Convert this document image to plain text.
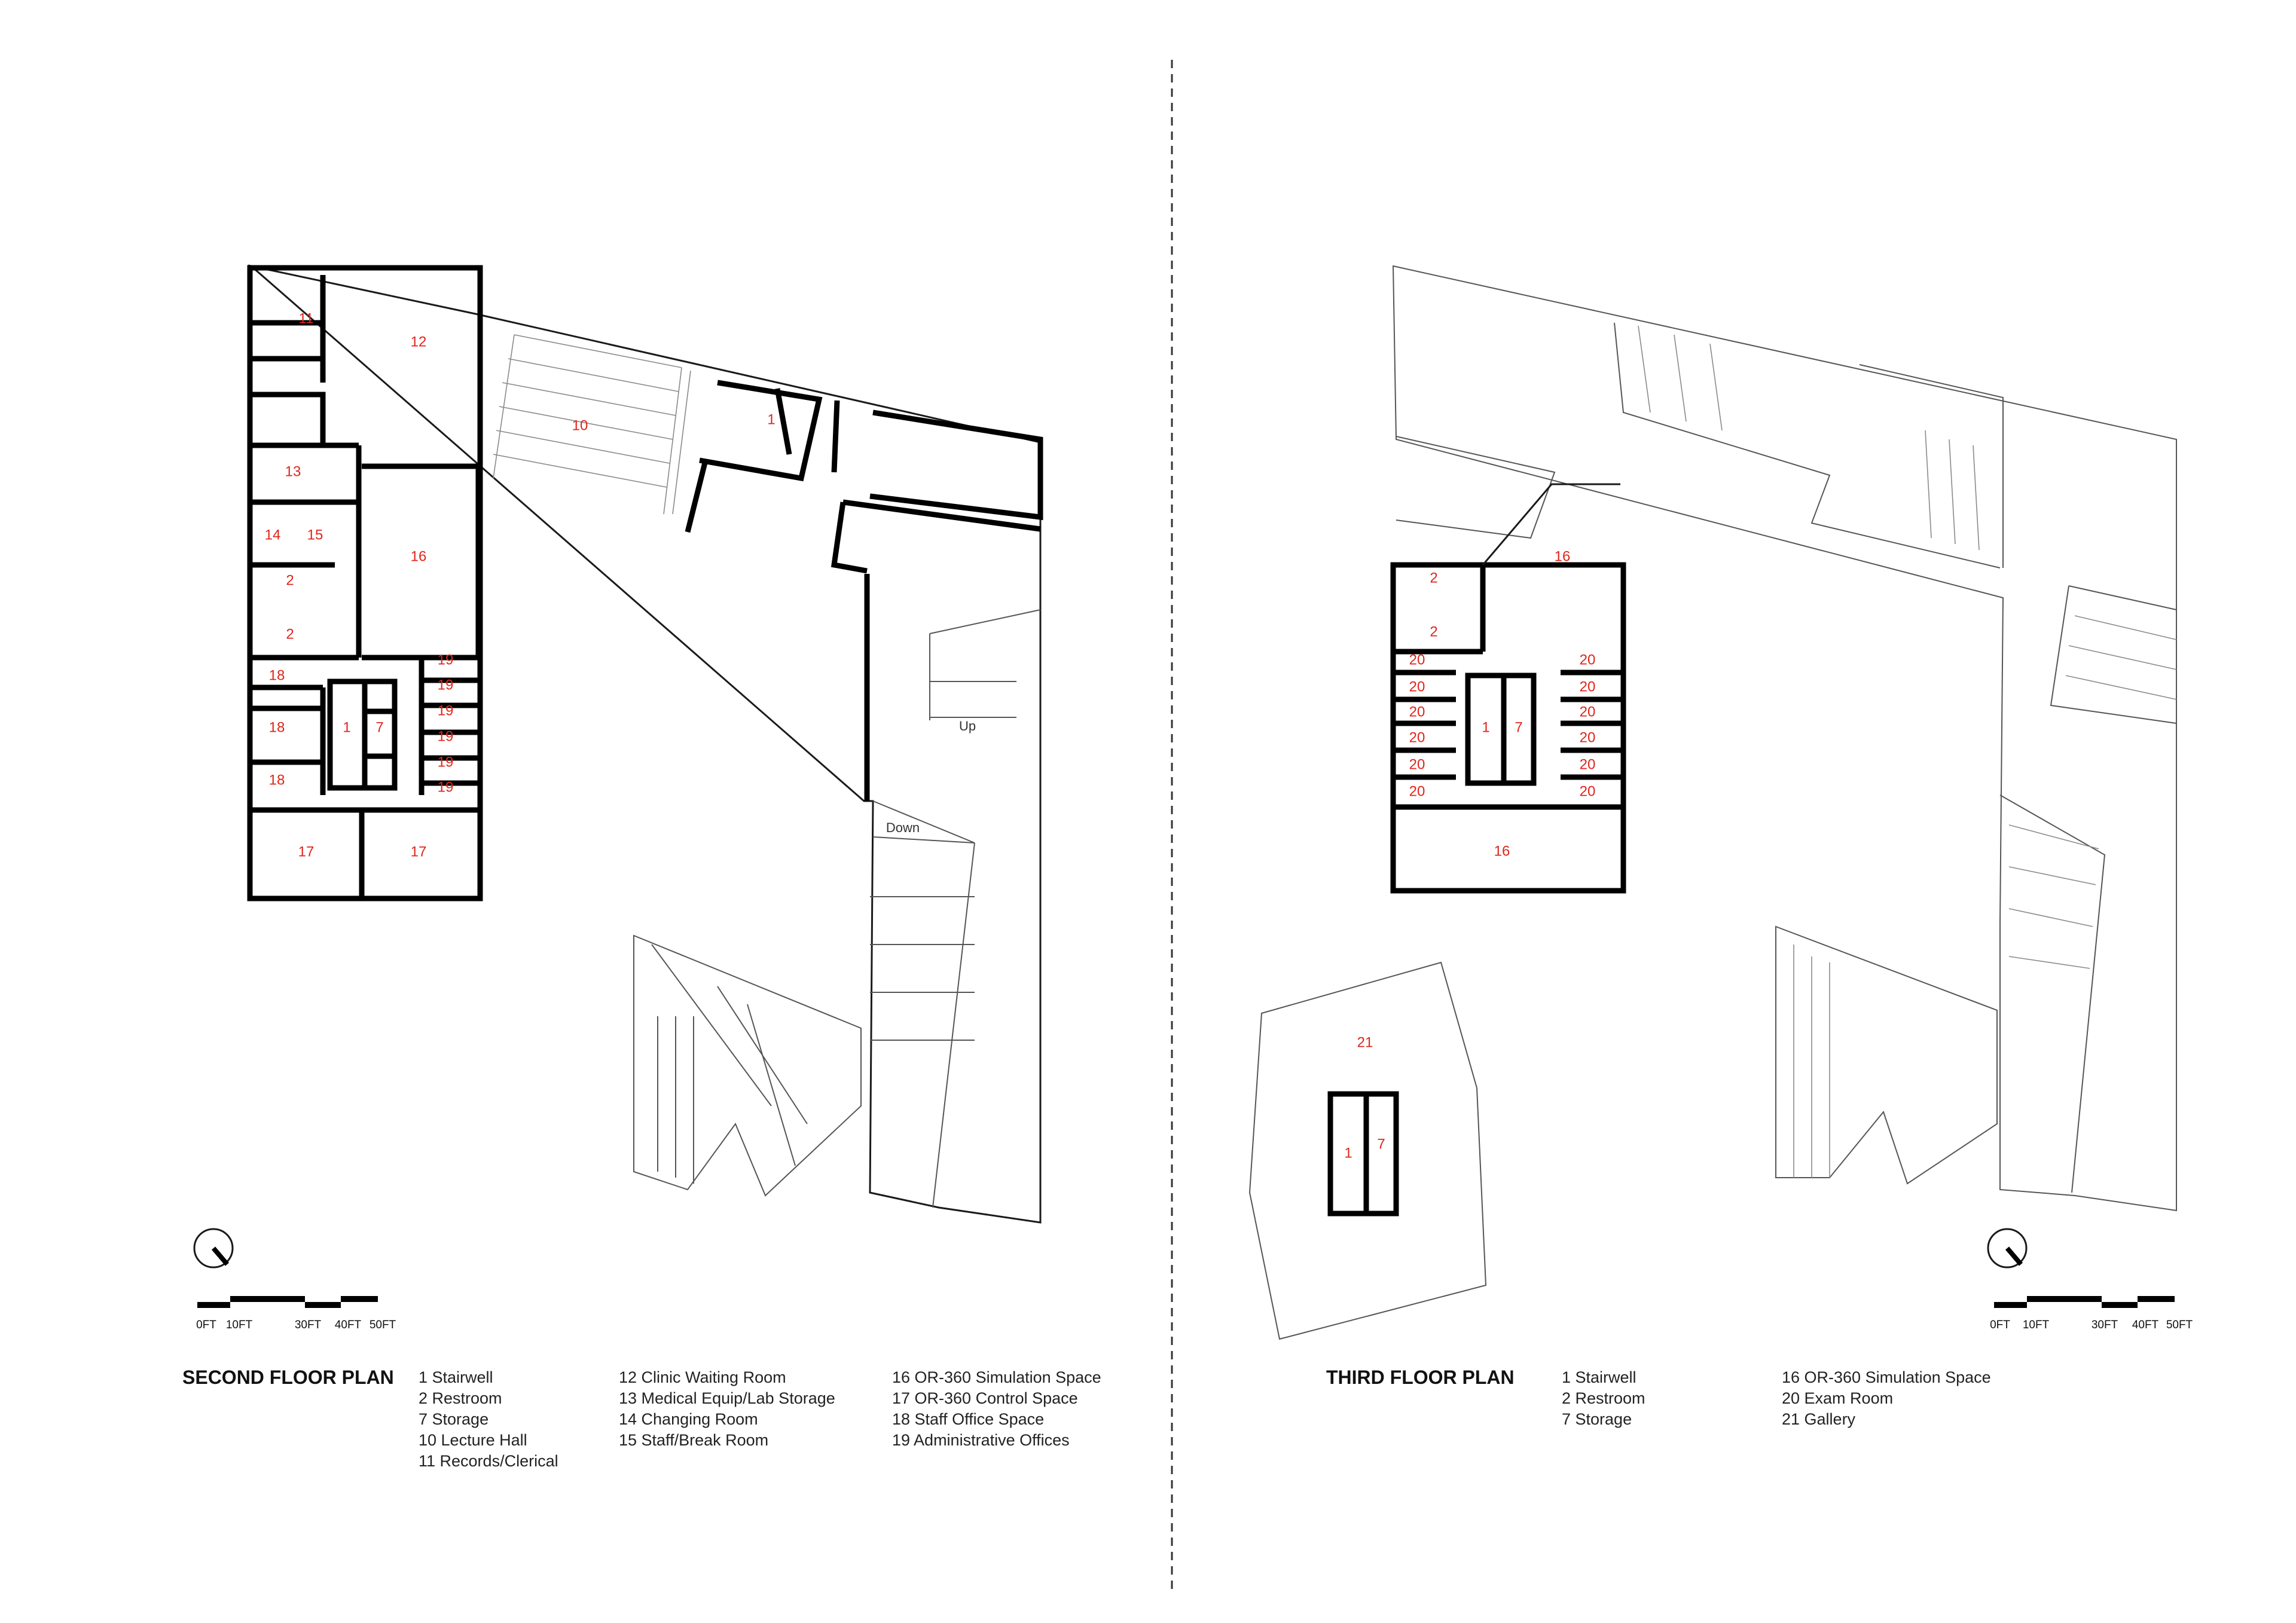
11
12
10	1
13
14 15
2
2
16
18
18
18
1 7
19
19
19
19
19
19
17	17
Up
Down
2
2
16
20
20
20
20
20
20
20
20
20
20
20
20
1 7
16
21
1
7
0FT 10FT	30FT 40FT 50FT	0FT 10FT	30FT 40FT 50FT
SECOND FLOOR PLAN	THIRD FLOOR PLAN
1 Stairwell
2 Restroom
7 Storage
10 Lecture Hall
11 Records/Clerical
12 Clinic Waiting Room
13 Medical Equip/Lab Storage
14 Changing Room
15 Staff/Break Room
16 OR-360 Simulation Space
17 OR-360 Control Space
18 Staff Office Space
19 Administrative Offices
1 Stairwell
2 Restroom
7 Storage
16 OR-360 Simulation Space
20 Exam Room
21 Gallery
